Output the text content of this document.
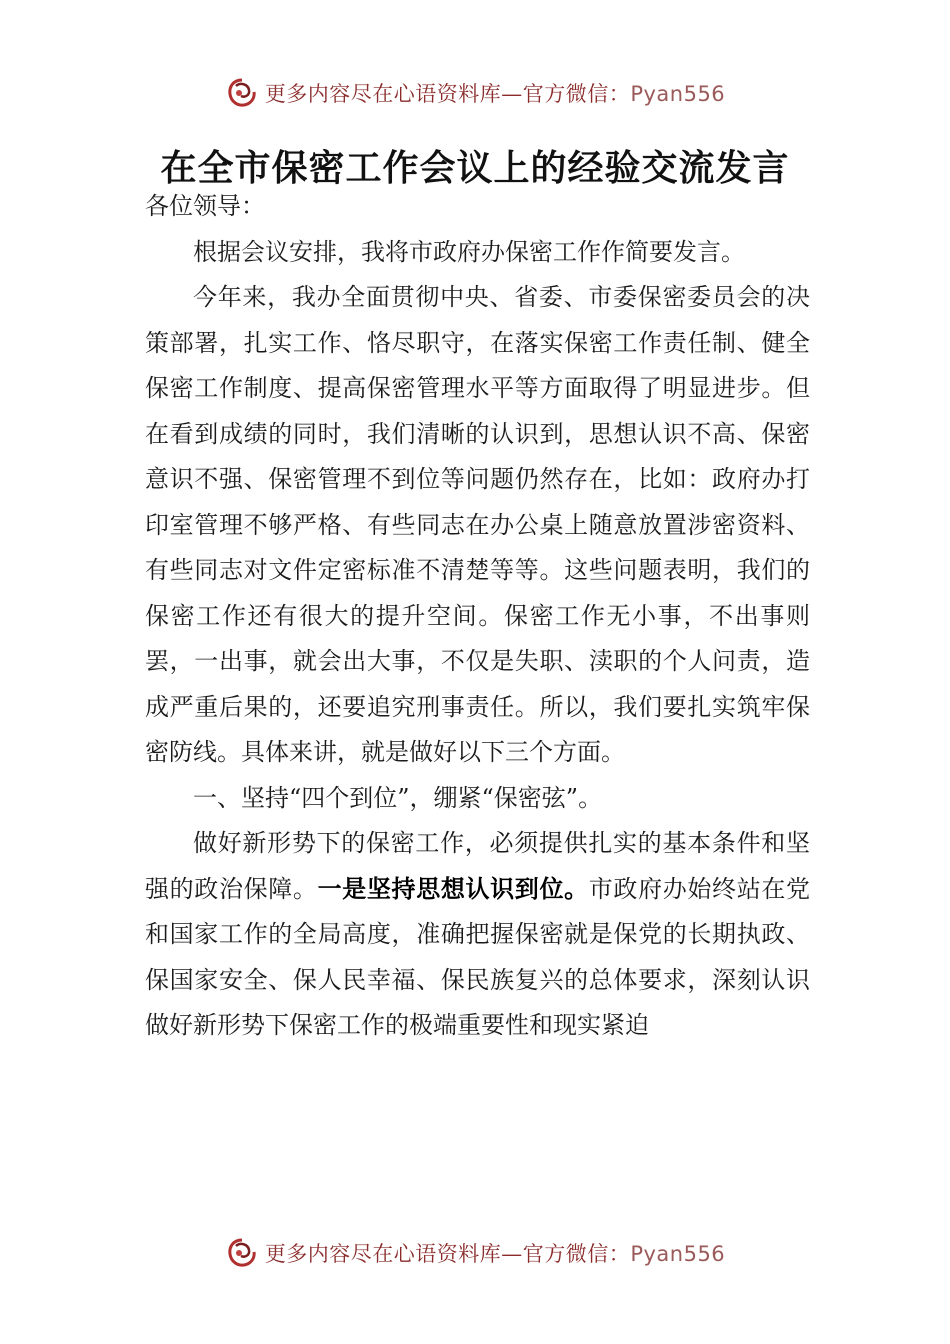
更多内容尽在心语资料库—官方微信：Pyan556
在全市保密工作会议上的经验交流发言

各位领导：

根据会议安排，我将市政府办保密工作作简要发言。

今年来，我办全面贯彻中央、省委、市委保密委员会的决策部署，扎实工作、恪尽职守，在落实保密工作责任制、健全保密工作制度、提高保密管理水平等方面取得了明显进步。但在看到成绩的同时，我们清晰的认识到，思想认识不高、保密意识不强、保密管理不到位等问题仍然存在，比如：政府办打印室管理不够严格、有些同志在办公桌上随意放置涉密资料、有些同志对文件定密标准不清楚等等。这些问题表明，我们的保密工作还有很大的提升空间。保密工作无小事，不出事则罢，一出事，就会出大事，不仅是失职、渎职的个人问责，造成严重后果的，还要追究刑事责任。所以，我们要扎实筑牢保密防线。具体来讲，就是做好以下三个方面。

一、坚持“四个到位”，绷紧“保密弦”。

做好新形势下的保密工作，必须提供扎实的基本条件和坚强的政治保障。一是坚持思想认识到位。市政府办始终站在党和国家工作的全局高度，准确把握保密就是保党的长期执政、保国家安全、保人民幸福、保民族复兴的总体要求，深刻认识做好新形势下保密工作的极端重要性和现实紧迫

更多内容尽在心语资料库—官方微信：Pyan556
